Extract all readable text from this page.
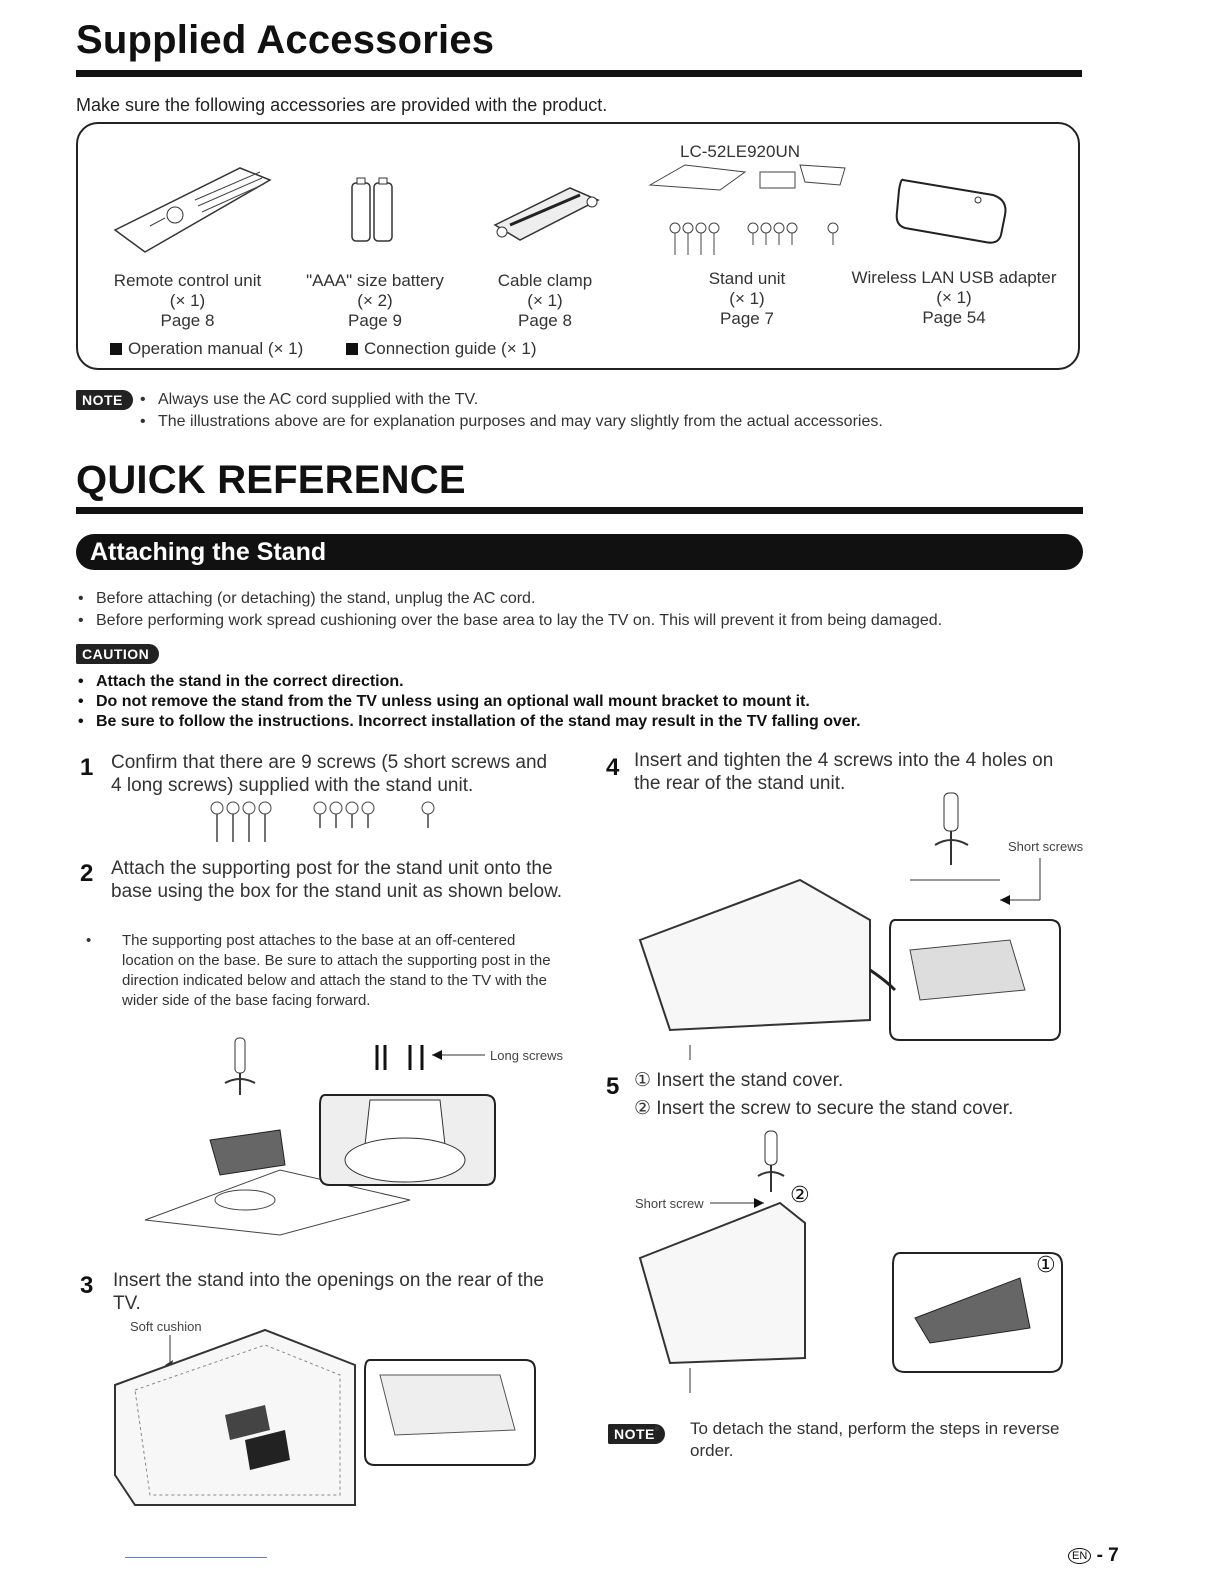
Supplied Accessories
Make sure the following accessories are provided with the product.
LC-52LE920UN
Remote control unit
(× 1)
Page 8
"AAA" size battery
(× 2)
Page 9
Cable clamp
(× 1)
Page 8
Stand unit
(× 1)
Page 7
Wireless LAN USB adapter
(× 1)
Page 54
Operation manual (× 1)	Connection guide (× 1)
NOTE	• Always use the AC cord supplied with the TV.
• The illustrations above are for explanation purposes and may vary slightly from the actual accessories.
QUICK REFERENCE
Attaching the Stand
• Before attaching (or detaching) the stand, unplug the AC cord.
• Before performing work spread cushioning over the base area to lay the TV on. This will prevent it from being damaged.
CAUTION
• Attach the stand in the correct direction.
• Do not remove the stand from the TV unless using an optional wall mount bracket to mount it.
• Be sure to follow the instructions. Incorrect installation of the stand may result in the TV falling over.
1 Confirm that there are 9 screws (5 short screws and 4 long screws) supplied with the stand unit.
2 Attach the supporting post for the stand unit onto the base using the box for the stand unit as shown below.
• The supporting post attaches to the base at an off-centered location on the base. Be sure to attach the supporting post in the direction indicated below and attach the stand to the TV with the wider side of the base facing forward.
Long screws
3 Insert the stand into the openings on the rear of the TV.
Soft cushion
4 Insert and tighten the 4 screws into the 4 holes on the rear of the stand unit.
Short screws
5 ① Insert the stand cover.
② Insert the screw to secure the stand cover.
Short screw	②
①
NOTE	• To detach the stand, perform the steps in reverse order.
EN - 7
